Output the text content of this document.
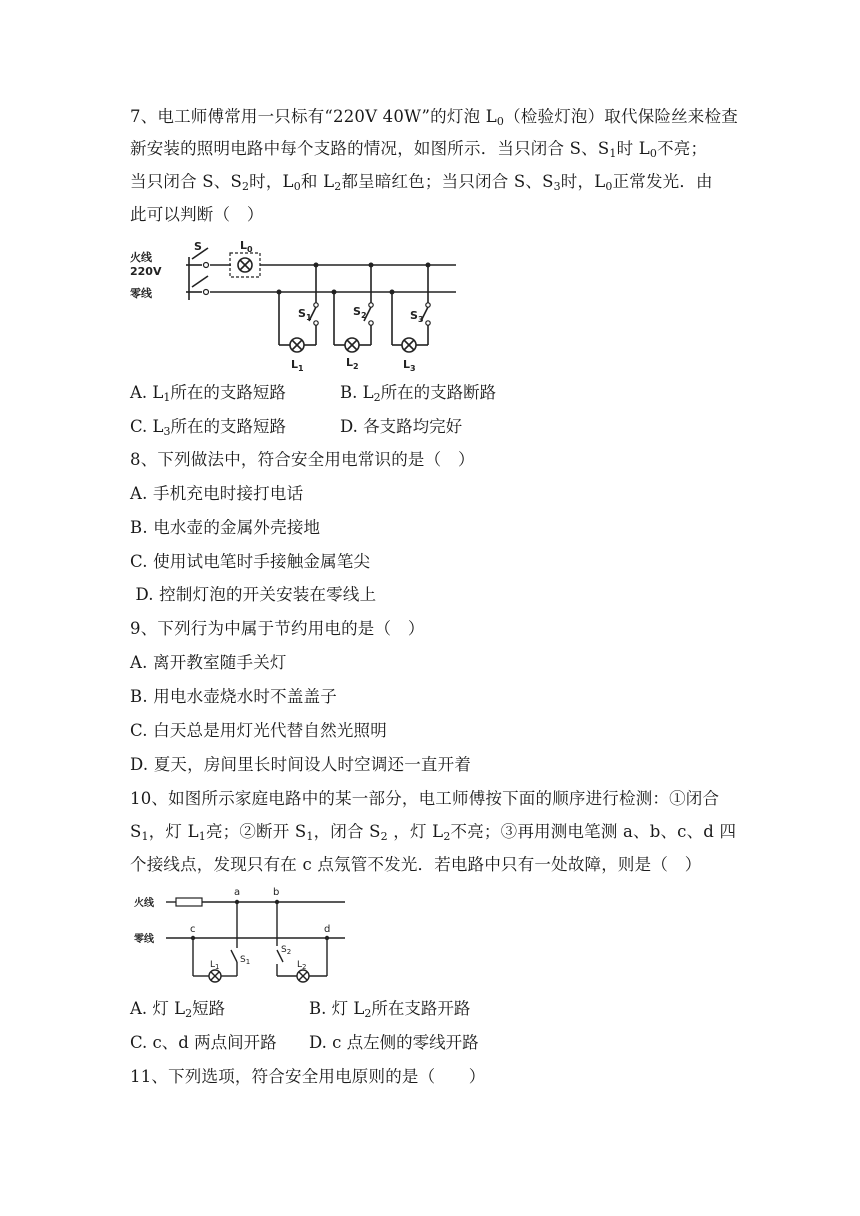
7、电工师傅常用一只标有“220V 40W”的灯泡 $L_0$（检验灯泡）取代保险丝来检查
新安装的照明电路中每个支路的情况，如图所示．当只闭合 S、$S_1$时 $L_0$不亮；
当只闭合 S、$S_2$时，$L_0$和 $L_2$都呈暗红色；当只闭合 S、$S_3$时，$L_0$正常发光．由
此可以判断（　）
火线
220V
零线
S	$L_0$
$S_1$	$S_2$	$S_3$
$L_1$	$L_2$	$L_3$
A. $L_1$所在的支路短路	B. $L_2$所在的支路断路
C. $L_3$所在的支路短路	D. 各支路均完好
8、下列做法中，符合安全用电常识的是（　）
A. 手机充电时接打电话
B. 电水壶的金属外壳接地
C. 使用试电笔时手接触金属笔尖
D. 控制灯泡的开关安装在零线上
9、下列行为中属于节约用电的是（　）
A. 离开教室随手关灯
B. 用电水壶烧水时不盖盖子
C. 白天总是用灯光代替自然光照明
D. 夏天，房间里长时间设人时空调还一直开着
10、如图所示家庭电路中的某一部分，电工师傅按下面的顺序进行检测：①闭合
$S_1$，灯 $L_1$亮；②断开 $S_1$，闭合 $S_2$ ，灯 $L_2$不亮；③再用测电笔测 a、b、c、d 四
个接线点，发现只有在 c 点氖管不发光．若电路中只有一处故障，则是（　）
火线
零线
a	b
c	d
$L_1$
$S_1$
$S_2$
$L_2$
A. 灯 $L_2$短路	B. 灯 $L_2$所在支路开路
C. c、d 两点间开路 D. c 点左侧的零线开路
11、下列选项，符合安全用电原则的是（　　）
